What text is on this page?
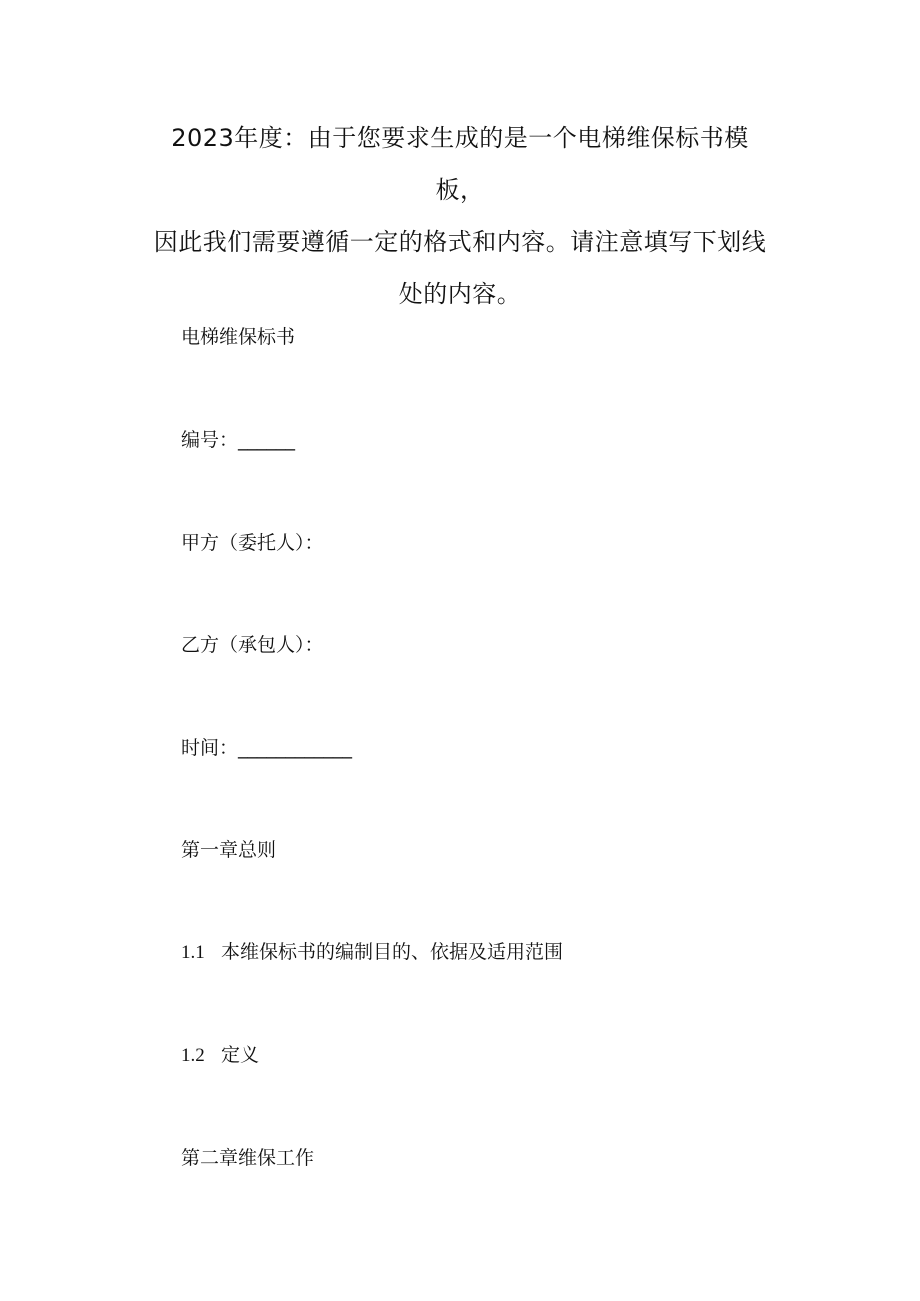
2023年度：由于您要求生成的是一个电梯维保标书模板，
因此我们需要遵循一定的格式和内容。请注意填写下划线
处的内容。
电梯维保标书
编号：______
甲方（委托人）：
乙方（承包人）：
时间：____________
第一章总则
1.1 本维保标书的编制目的、依据及适用范围
1.2 定义
第二章维保工作
